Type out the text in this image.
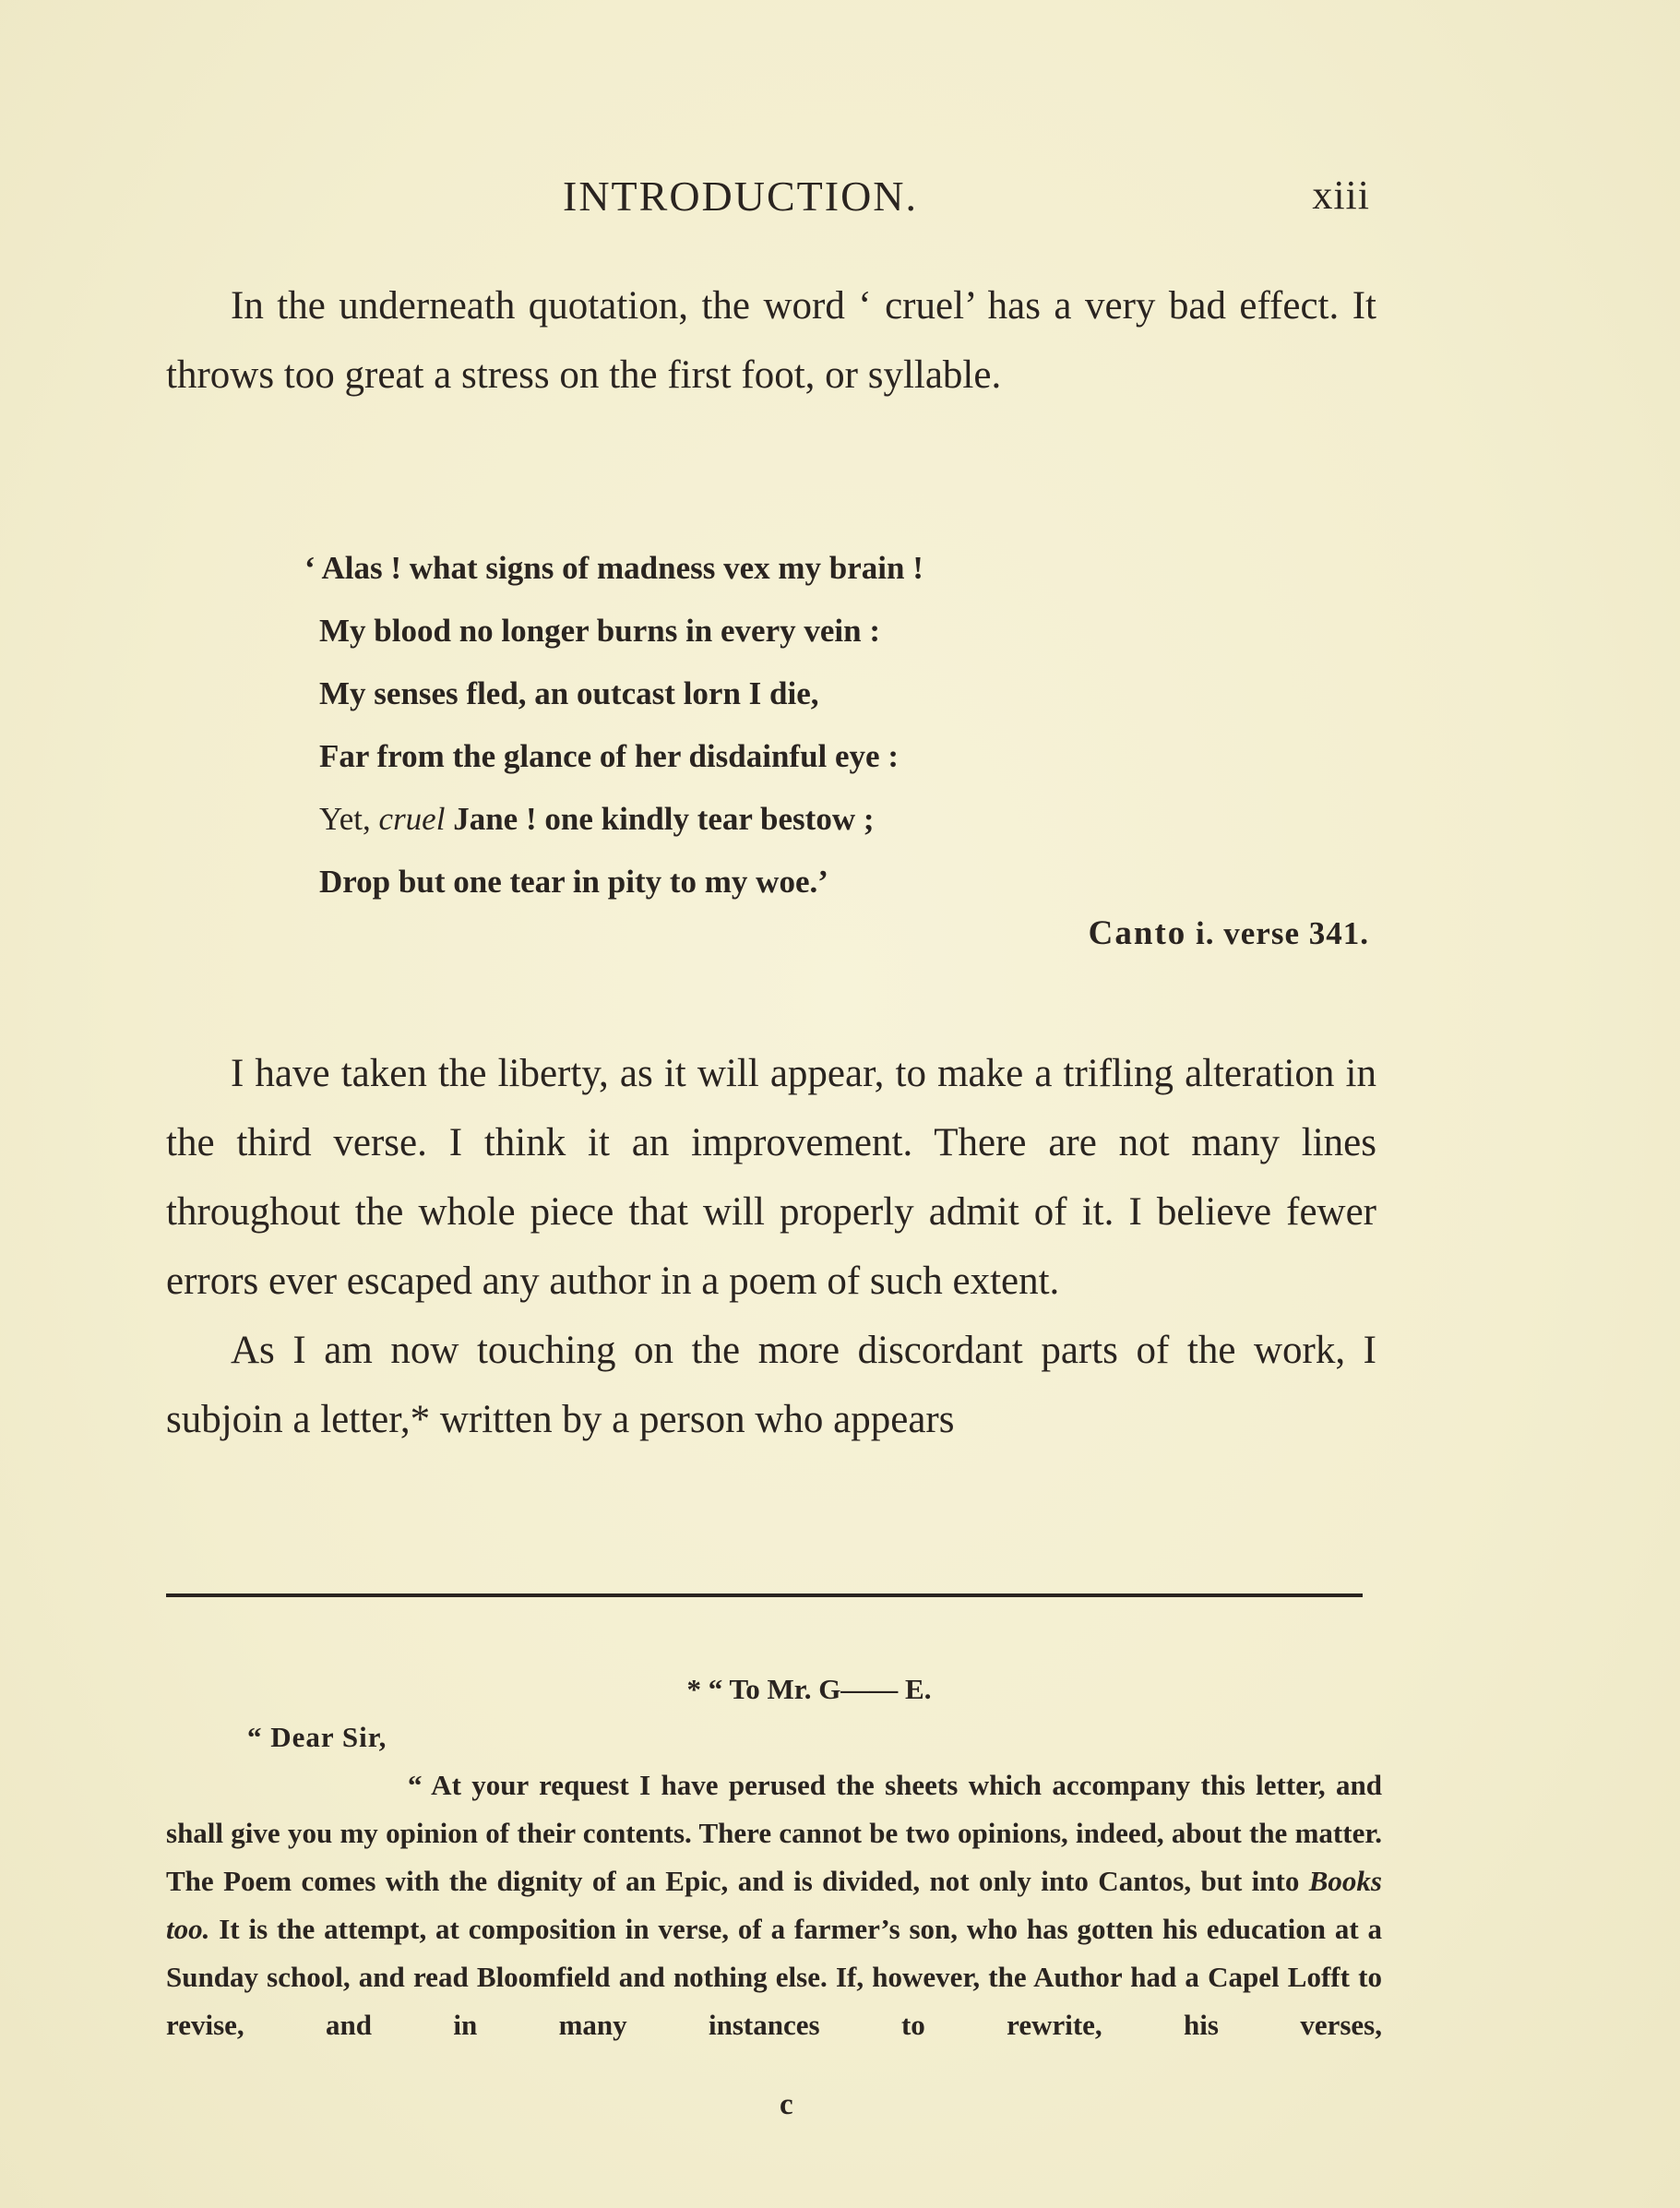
INTRODUCTION.	xiii

In the underneath quotation, the word ‘ cruel’ has a very bad effect. It throws too great a stress on the first foot, or syllable.

‘ Alas ! what signs of madness vex my brain !
My blood no longer burns in every vein :
My senses fled, an outcast lorn I die,
Far from the glance of her disdainful eye :
Yet, cruel Jane ! one kindly tear bestow ;
Drop but one tear in pity to my woe.’
Canto i. verse 341.

I have taken the liberty, as it will appear, to make a trifling alteration in the third verse. I think it an improvement. There are not many lines throughout the whole piece that will properly admit of it. I believe fewer errors ever escaped any author in a poem of such extent.

As I am now touching on the more discordant parts of the work, I subjoin a letter,* written by a person who appears

* “ To Mr. G—— E.
“ Dear Sir,
“ At your request I have perused the sheets which accompany this letter, and shall give you my opinion of their contents. There cannot be two opinions, indeed, about the matter. The Poem comes with the dignity of an Epic, and is divided, not only into Cantos, but into Books too. It is the attempt, at composition in verse, of a farmer’s son, who has gotten his education at a Sunday school, and read Bloomfield and nothing else. If, however, the Author had a Capel Lofft to revise, and in many instances to rewrite, his verses,
c
